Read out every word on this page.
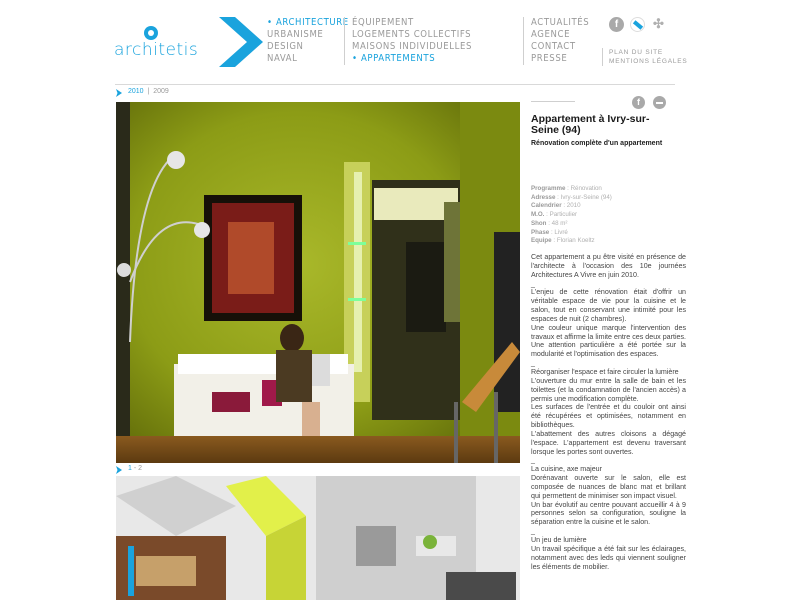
architetis
• ARCHITECTURE
URBANISME
DESIGN
NAVAL
ÉQUIPEMENT
LOGEMENTS COLLECTIFS
MAISONS INDIVIDUELLES
• APPARTEMENTS
ACTUALITÉS
AGENCE
CONTACT
PRESSE
PLAN DU SITE
MENTIONS LÉGALES
f	✣
2010 | 2009
1 - 2
f
Appartement à Ivry-sur-Seine (94)
Rénovation complète d'un appartement
Programme : Rénovation
Adresse : Ivry-sur-Seine (94)
Calendrier : 2010
M.O. : Particulier
Shon : 48 m²
Phase : Livré
Equipe : Florian Koeltz

Cet appartement a pu être visité en présence de l'architecte à l'occasion des 10e journées Architectures A Vivre en juin 2010.

_

L'enjeu de cette rénovation était d'offrir un véritable espace de vie pour la cuisine et le salon, tout en conservant une intimité pour les espaces de nuit (2 chambres).

Une couleur unique marque l'intervention des travaux et affirme la limite entre ces deux parties. Une attention particulière a été portée sur la modularité et l'optimisation des espaces.

_

Réorganiser l'espace et faire circuler la lumière

L'ouverture du mur entre la salle de bain et les toilettes (et la condamnation de l'ancien accès) a permis une modification complète.

Les surfaces de l'entrée et du couloir ont ainsi été récupérées et optimisées, notamment en bibliothèques.

L'abattement des autres cloisons a dégagé l'espace. L'appartement est devenu traversant lorsque les portes sont ouvertes.

_

La cuisine, axe majeur

Dorénavant ouverte sur le salon, elle est composée de nuances de blanc mat et brillant qui permettent de minimiser son impact visuel.

Un bar évolutif au centre pouvant accueillir 4 à 9 personnes selon sa configuration, souligne la séparation entre la cuisine et le salon.

_

Un jeu de lumière

Un travail spécifique a été fait sur les éclairages, notamment avec des leds qui viennent souligner les éléments de mobilier.
